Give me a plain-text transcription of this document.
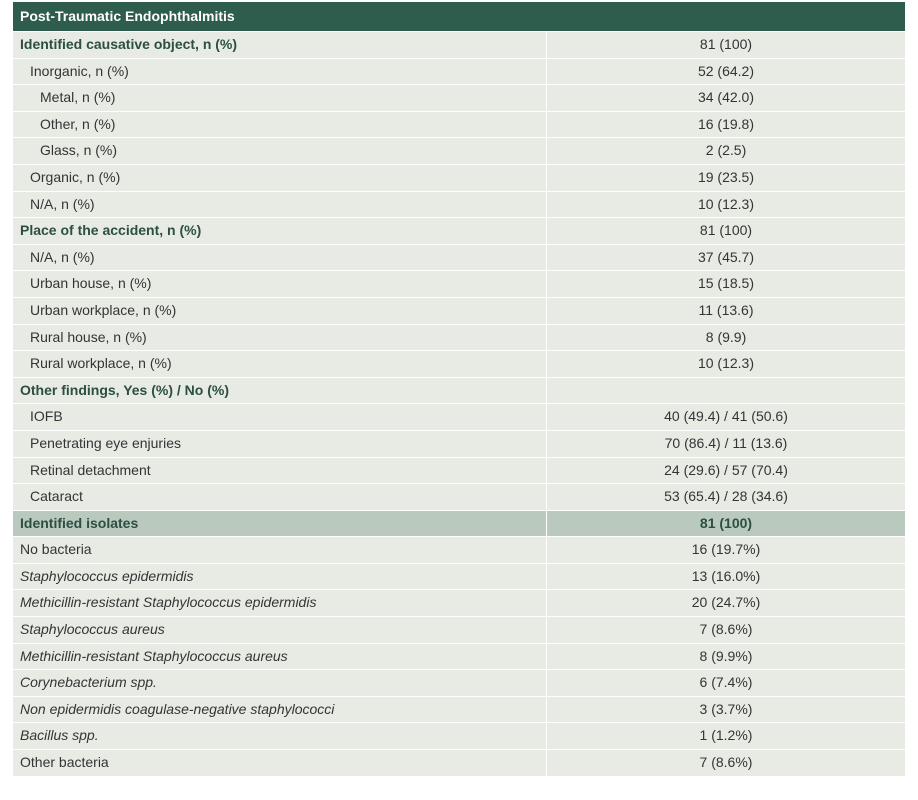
Post-Traumatic Endophthalmitis
Identified causative object, n (%)	81 (100)
Inorganic, n (%)	52 (64.2)
Metal, n (%)	34 (42.0)
Other, n (%)	16 (19.8)
Glass, n (%)	2 (2.5)
Organic, n (%)	19 (23.5)
N/A, n (%)	10 (12.3)
Place of the accident, n (%)	81 (100)
N/A, n (%)	37 (45.7)
Urban house, n (%)	15 (18.5)
Urban workplace, n (%)	11 (13.6)
Rural house, n (%)	8 (9.9)
Rural workplace, n (%)	10 (12.3)
Other findings, Yes (%) / No (%)
IOFB	40 (49.4) / 41 (50.6)
Penetrating eye enjuries	70 (86.4) / 11 (13.6)
Retinal detachment	24 (29.6) / 57 (70.4)
Cataract	53 (65.4) / 28 (34.6)
Identified isolates	81 (100)
No bacteria	16 (19.7%)
Staphylococcus epidermidis	13 (16.0%)
Methicillin-resistant Staphylococcus epidermidis	20 (24.7%)
Staphylococcus aureus	7 (8.6%)
Methicillin-resistant Staphylococcus aureus	8 (9.9%)
Corynebacterium spp.	6 (7.4%)
Non epidermidis coagulase-negative staphylococci	3 (3.7%)
Bacillus spp.	1 (1.2%)
Other bacteria	7 (8.6%)
